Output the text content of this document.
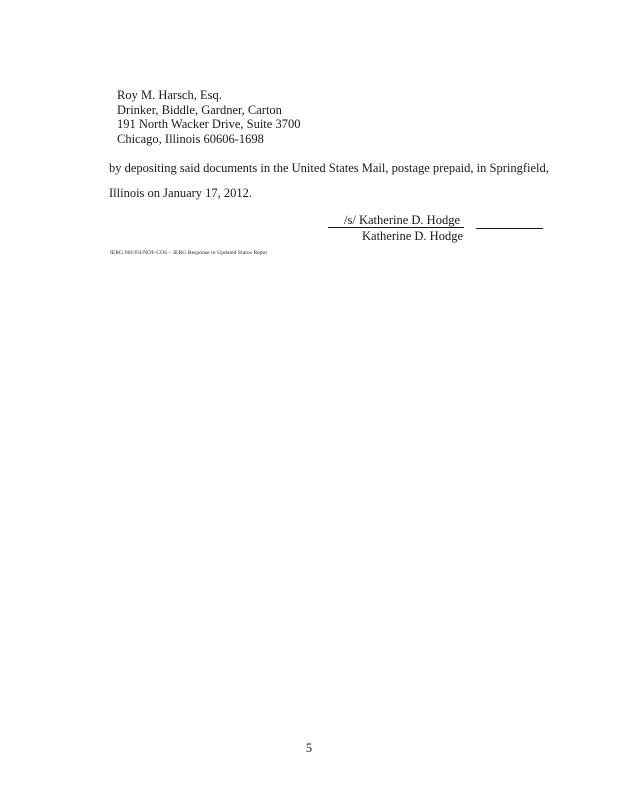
Roy M. Harsch, Esq.
Drinker, Biddle, Gardner, Carton
191 North Wacker Drive, Suite 3700
Chicago, Illinois 60606-1698
by depositing said documents in the United States Mail, postage prepaid, in Springfield,
Illinois on January 17, 2012.
/s/ Katherine D. Hodge
Katherine D. Hodge
IERG:001/Fil/NOF-COS – IERG Response to Updated Status Repor
5
